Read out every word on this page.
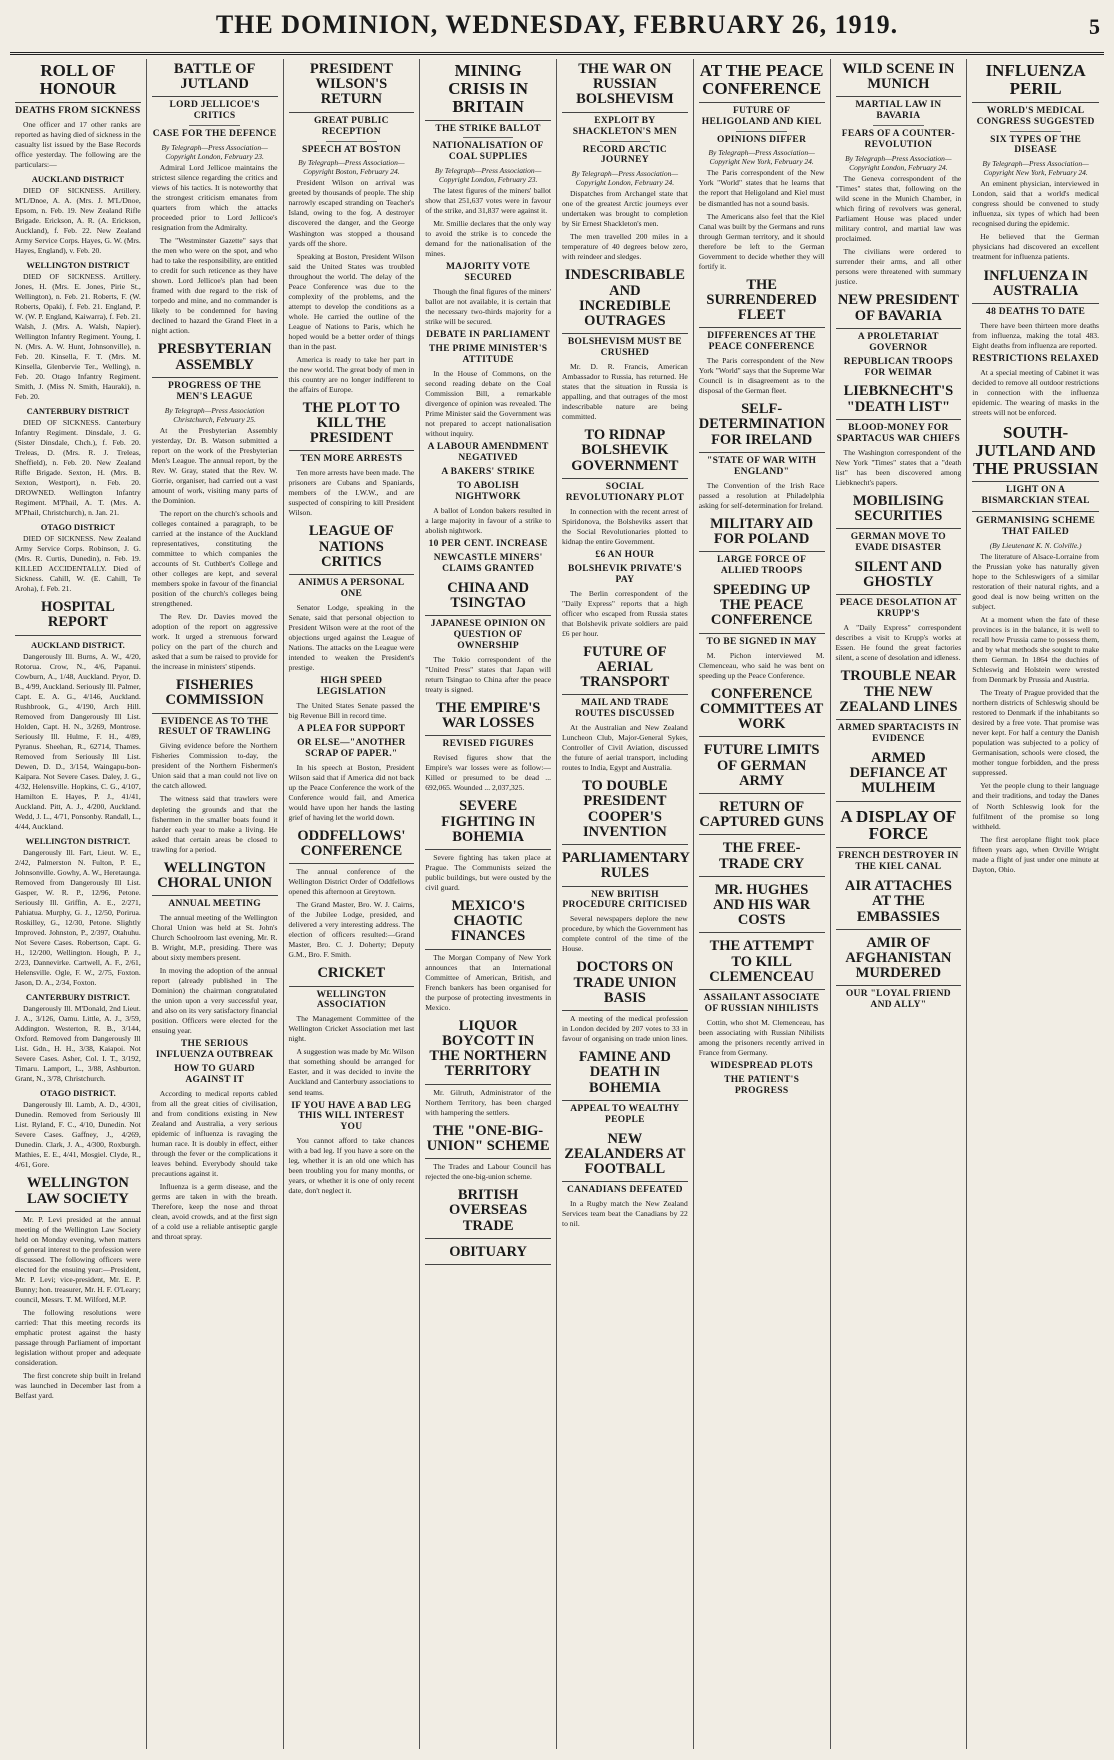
THE DOMINION, WEDNESDAY, FEBRUARY 26, 1919.	5
ROLL OF HONOUR
DEATHS FROM SICKNESS

One officer and 17 other ranks are reported as having died of sickness in the casualty list issued by the Base Records office yesterday. The following are the particulars:—

AUCKLAND DISTRICT

DIED OF SICKNESS. Artillery. M'L/Dnoe, A. A. (Mrs. J. M'L/Dnoe, Epsom, n. Feb. 19. New Zealand Rifle Brigade. Erickson, A. R. (A. Erickson, Auckland), f. Feb. 22. New Zealand Army Service Corps. Hayes, G. W. (Mrs. Hayes, England), v. Feb. 20.

WELLINGTON DISTRICT

DIED OF SICKNESS. Artillery. Jones, H. (Mrs. E. Jones, Pirie St., Wellington), n. Feb. 21. Roberts, F. (W. Roberts, Opaki), f. Feb. 21. England, P. W. (W. P. England, Kaiwarra), f. Feb. 21. Walsh, J. (Mrs. A. Walsh, Napier). Wellington Infantry Regiment. Young, I. N. (Mrs. A. W. Hunt, Johnsonville), n. Feb. 20. Kinsella, F. T. (Mrs. M. Kinsella, Glenbervie Ter., Welling), n. Feb. 20. Otago Infantry Regiment. Smith, J. (Miss N. Smith, Hauraki), n. Feb. 20.

CANTERBURY DISTRICT

DIED OF SICKNESS. Canterbury Infantry Regiment. Dinsdale, J. G. (Sister Dinsdale, Chch.), f. Feb. 20. Treleas, D. (Mrs. R. J. Treleas, Sheffield), n. Feb. 20. New Zealand Rifle Brigade. Sexton, H. (Mrs. B. Sexton, Westport), n. Feb. 20. DROWNED. Wellington Infantry Regiment. M'Phail, A. T. (Mrs. A. M'Phail, Christchurch), n. Jan. 21.

OTAGO DISTRICT

DIED OF SICKNESS. New Zealand Army Service Corps. Robinson, J. G. (Mrs. R. Curtis, Dunedin), n. Feb. 19. KILLED ACCIDENTALLY. Died of Sickness. Cahill, W. (E. Cahill, Te Aroha), f. Feb. 21.

HOSPITAL REPORT
AUCKLAND DISTRICT.

Dangerously Ill. Burns, A. W., 4/20, Rotorua. Crow, N., 4/6, Papanui. Cowburn, A., 1/48, Auckland. Pryor, D. B., 4/99, Auckland. Seriously Ill. Palmer, Capt. E. A. G., 4/146, Auckland. Rushbrook, G., 4/190, Arch Hill. Removed from Dangerously Ill List. Holden, Capt. H. N., 3/269, Montrose. Seriously Ill. Hulme, F. H., 4/89, Pyranus. Sheehan, R., 62714, Thames. Removed from Seriously Ill List. Dewen, D. D., 3/154, Waingapu-bon-Kaipara. Not Severe Cases. Daley, J. G., 4/32, Helensville. Hopkins, C. G., 4/107, Hamilton E. Hayes, P. J., 41/41, Auckland. Pitt, A. J., 4/200, Auckland. Wedd, J. L., 4/71, Ponsonby. Randall, L., 4/44, Auckland.

WELLINGTON DISTRICT.

Dangerously Ill. Fart, Lieut. W. E., 2/42, Palmerston N. Fulton, P. E., Johnsonville. Gowhy, A. W., Heretaunga. Removed from Dangerously Ill List. Gasper, W. R. P., 12/96, Petone. Seriously Ill. Griffin, A. E., 2/271, Pahiatua. Murphy, G. J., 12/50, Porirua. Roskilley, G., 12/30, Petone. Slightly Improved. Johnston, P., 2/397, Otahuhu. Not Severe Cases. Robertson, Capt. G. H., 12/200, Wellington. Hough, P. J., 2/23, Dannevirke. Cartwell, A. F., 2/61, Helensville. Ogle, F. W., 2/75, Foxton. Jason, D. A., 2/34, Foxton.

CANTERBURY DISTRICT.

Dangerously Ill. M'Donald, 2nd Lieut. J. A., 3/126, Oamu. Little, A. J., 3/59, Addington. Westerton, R. B., 3/144, Oxford. Removed from Dangerously Ill List. Gdn., H. H., 3/38, Kaiapoi. Not Severe Cases. Asher, Col. I. T., 3/192, Timaru. Lamport, L., 3/88, Ashburton. Grant, N., 3/78, Christchurch.

OTAGO DISTRICT.

Dangerously Ill. Lamb, A. D., 4/301, Dunedin. Removed from Seriously Ill List. Ryland, F. C., 4/10, Dunedin. Not Severe Cases. Gaffney, J., 4/269, Dunedin. Clark, J. A., 4/300, Roxburgh. Mathies, E. E., 4/41, Mosgiel. Clyde, R., 4/61, Gore.

WELLINGTON LAW SOCIETY

Mr. P. Levi presided at the annual meeting of the Wellington Law Society held on Monday evening, when matters of general interest to the profession were discussed. The following officers were elected for the ensuing year:—President, Mr. P. Levi; vice-president, Mr. E. P. Bunny; hon. treasurer, Mr. H. F. O'Leary; council, Messrs. T. M. Wilford, M.P.

The following resolutions were carried: That this meeting records its emphatic protest against the hasty passage through Parliament of important legislation without proper and adequate consideration.

The first concrete ship built in Ireland was launched in December last from a Belfast yard.

BATTLE OF JUTLAND
LORD JELLICOE'S CRITICS
CASE FOR THE DEFENCE
By Telegraph—Press Association—Copyright London, February 23.

Admiral Lord Jellicoe maintains the strictest silence regarding the critics and views of his tactics. It is noteworthy that the strongest criticism emanates from quarters from which the attacks proceeded prior to Lord Jellicoe's resignation from the Admiralty.

The "Westminster Gazette" says that the men who were on the spot, and who had to take the responsibility, are entitled to credit for such reticence as they have shown. Lord Jellicoe's plan had been framed with due regard to the risk of torpedo and mine, and no commander is likely to be condemned for having declined to hazard the Grand Fleet in a night action.

PRESBYTERIAN ASSEMBLY
PROGRESS OF THE MEN'S LEAGUE
By Telegraph—Press Association Christchurch, February 25.

At the Presbyterian Assembly yesterday, Dr. B. Watson submitted a report on the work of the Presbyterian Men's League. The annual report, by the Rev. W. Gray, stated that the Rev. W. Gorrie, organiser, had carried out a vast amount of work, visiting many parts of the Dominion.

The report on the church's schools and colleges contained a paragraph, to be carried at the instance of the Auckland representatives, constituting the committee to which companies the accounts of St. Cuthbert's College and other colleges are kept, and several members spoke in favour of the financial position of the church's colleges being strengthened.

The Rev. Dr. Davies moved the adoption of the report on aggressive work. It urged a strenuous forward policy on the part of the church and asked that a sum be raised to provide for the increase in ministers' stipends.

FISHERIES COMMISSION
EVIDENCE AS TO THE RESULT OF TRAWLING

Giving evidence before the Northern Fisheries Commission to-day, the president of the Northern Fishermen's Union said that a man could not live on the catch allowed.

The witness said that trawlers were depleting the grounds and that the fishermen in the smaller boats found it harder each year to make a living. He asked that certain areas be closed to trawling for a period.

WELLINGTON CHORAL UNION
ANNUAL MEETING

The annual meeting of the Wellington Choral Union was held at St. John's Church Schoolroom last evening, Mr. R. B. Wright, M.P., presiding. There was about sixty members present.

In moving the adoption of the annual report (already published in The Dominion) the chairman congratulated the union upon a very successful year, and also on its very satisfactory financial position. Officers were elected for the ensuing year.

THE SERIOUS INFLUENZA OUTBREAK
HOW TO GUARD AGAINST IT

According to medical reports cabled from all the great cities of civilisation, and from conditions existing in New Zealand and Australia, a very serious epidemic of influenza is ravaging the human race. It is doubly in effect, either through the fever or the complications it leaves behind. Everybody should take precautions against it.

Influenza is a germ disease, and the germs are taken in with the breath. Therefore, keep the nose and throat clean, avoid crowds, and at the first sign of a cold use a reliable antiseptic gargle and throat spray.

PRESIDENT WILSON'S RETURN
GREAT PUBLIC RECEPTION
SPEECH AT BOSTON
By Telegraph—Press Association—Copyright Boston, February 24.

President Wilson on arrival was greeted by thousands of people. The ship narrowly escaped stranding on Teacher's Island, owing to the fog. A destroyer discovered the danger, and the George Washington was stopped a thousand yards off the shore.

Speaking at Boston, President Wilson said the United States was troubled throughout the world. The delay of the Peace Conference was due to the complexity of the problems, and the attempt to develop the conditions as a whole. He carried the outline of the League of Nations to Paris, which he hoped would be a better order of things than in the past.

America is ready to take her part in the new world. The great body of men in this country are no longer indifferent to the affairs of Europe.

THE PLOT TO KILL THE PRESIDENT
TEN MORE ARRESTS

Ten more arrests have been made. The prisoners are Cubans and Spaniards, members of the I.W.W., and are suspected of conspiring to kill President Wilson.

LEAGUE OF NATIONS CRITICS
ANIMUS A PERSONAL ONE

Senator Lodge, speaking in the Senate, said that personal objection to President Wilson were at the root of the objections urged against the League of Nations. The attacks on the League were intended to weaken the President's prestige.

HIGH SPEED LEGISLATION

The United States Senate passed the big Revenue Bill in record time.

A PLEA FOR SUPPORT
OR ELSE—"ANOTHER SCRAP OF PAPER."

In his speech at Boston, President Wilson said that if America did not back up the Peace Conference the work of the Conference would fail, and America would have upon her hands the lasting grief of having let the world down.

ODDFELLOWS' CONFERENCE

The annual conference of the Wellington District Order of Oddfellows opened this afternoon at Greytown.

The Grand Master, Bro. W. J. Cairns, of the Jubilee Lodge, presided, and delivered a very interesting address. The election of officers resulted:—Grand Master, Bro. C. J. Doherty; Deputy G.M., Bro. F. Smith.

CRICKET
WELLINGTON ASSOCIATION

The Management Committee of the Wellington Cricket Association met last night.

A suggestion was made by Mr. Wilson that something should be arranged for Easter, and it was decided to invite the Auckland and Canterbury associations to send teams.

IF YOU HAVE A BAD LEG THIS WILL INTEREST YOU

You cannot afford to take chances with a bad leg. If you have a sore on the leg, whether it is an old one which has been troubling you for many months, or years, or whether it is one of only recent date, don't neglect it.

MINING CRISIS IN BRITAIN
THE STRIKE BALLOT
NATIONALISATION OF COAL SUPPLIES
By Telegraph—Press Association—Copyright London, February 23.

The latest figures of the miners' ballot show that 251,637 votes were in favour of the strike, and 31,837 were against it.

Mr. Smillie declares that the only way to avoid the strike is to concede the demand for the nationalisation of the mines.

MAJORITY VOTE SECURED

Though the final figures of the miners' ballot are not available, it is certain that the necessary two-thirds majority for a strike will be secured.

DEBATE IN PARLIAMENT
THE PRIME MINISTER'S ATTITUDE

In the House of Commons, on the second reading debate on the Coal Commission Bill, a remarkable divergence of opinion was revealed. The Prime Minister said the Government was not prepared to accept nationalisation without inquiry.

A LABOUR AMENDMENT NEGATIVED
A BAKERS' STRIKE
TO ABOLISH NIGHTWORK

A ballot of London bakers resulted in a large majority in favour of a strike to abolish nightwork.

10 PER CENT. INCREASE
NEWCASTLE MINERS' CLAIMS GRANTED
CHINA AND TSINGTAO
JAPANESE OPINION ON QUESTION OF OWNERSHIP

The Tokio correspondent of the "United Press" states that Japan will return Tsingtao to China after the peace treaty is signed.

THE EMPIRE'S WAR LOSSES
REVISED FIGURES

Revised figures show that the Empire's war losses were as follow:— Killed or presumed to be dead ... 692,065. Wounded ... 2,037,325.

SEVERE FIGHTING IN BOHEMIA

Severe fighting has taken place at Prague. The Communists seized the public buildings, but were ousted by the civil guard.

MEXICO'S CHAOTIC FINANCES

The Morgan Company of New York announces that an International Committee of American, British, and French bankers has been organised for the purpose of protecting investments in Mexico.

LIQUOR BOYCOTT IN THE NORTHERN TERRITORY

Mr. Gilruth, Administrator of the Northern Territory, has been charged with hampering the settlers.

THE "ONE-BIG-UNION" SCHEME

The Trades and Labour Council has rejected the one-big-union scheme.

BRITISH OVERSEAS TRADE
OBITUARY
THE WAR ON RUSSIAN BOLSHEVISM
EXPLOIT BY SHACKLETON'S MEN
RECORD ARCTIC JOURNEY
By Telegraph—Press Association—Copyright London, February 24.

Dispatches from Archangel state that one of the greatest Arctic journeys ever undertaken was brought to completion by Sir Ernest Shackleton's men.

The men travelled 200 miles in a temperature of 40 degrees below zero, with reindeer and sledges.

INDESCRIBABLE AND INCREDIBLE OUTRAGES
BOLSHEVISM MUST BE CRUSHED

Mr. D. R. Francis, American Ambassador to Russia, has returned. He states that the situation in Russia is appalling, and that outrages of the most indescribable nature are being committed.

TO RIDNAP BOLSHEVIK GOVERNMENT
SOCIAL REVOLUTIONARY PLOT

In connection with the recent arrest of Spiridonova, the Bolsheviks assert that the Social Revolutionaries plotted to kidnap the entire Government.

£6 AN HOUR
BOLSHEVIK PRIVATE'S PAY

The Berlin correspondent of the "Daily Express" reports that a high officer who escaped from Russia states that Bolshevik private soldiers are paid £6 per hour.

FUTURE OF AERIAL TRANSPORT
MAIL AND TRADE ROUTES DISCUSSED

At the Australian and New Zealand Luncheon Club, Major-General Sykes, Controller of Civil Aviation, discussed the future of aerial transport, including routes to India, Egypt and Australia.

TO DOUBLE PRESIDENT COOPER'S INVENTION
PARLIAMENTARY RULES
NEW BRITISH PROCEDURE CRITICISED

Several newspapers deplore the new procedure, by which the Government has complete control of the time of the House.

DOCTORS ON TRADE UNION BASIS

A meeting of the medical profession in London decided by 207 votes to 33 in favour of organising on trade union lines.

FAMINE AND DEATH IN BOHEMIA
APPEAL TO WEALTHY PEOPLE
NEW ZEALANDERS AT FOOTBALL
CANADIANS DEFEATED

In a Rugby match the New Zealand Services team beat the Canadians by 22 to nil.

AT THE PEACE CONFERENCE
FUTURE OF HELIGOLAND AND KIEL
OPINIONS DIFFER
By Telegraph—Press Association—Copyright New York, February 24.

The Paris correspondent of the New York "World" states that he learns that the report that Heligoland and Kiel must be dismantled has not a sound basis.

The Americans also feel that the Kiel Canal was built by the Germans and runs through German territory, and it should therefore be left to the German Government to decide whether they will fortify it.

THE SURRENDERED FLEET
DIFFERENCES AT THE PEACE CONFERENCE

The Paris correspondent of the New York "World" says that the Supreme War Council is in disagreement as to the disposal of the German fleet.

SELF-DETERMINATION FOR IRELAND
"STATE OF WAR WITH ENGLAND"

The Convention of the Irish Race passed a resolution at Philadelphia asking for self-determination for Ireland.

MILITARY AID FOR POLAND
LARGE FORCE OF ALLIED TROOPS
SPEEDING UP THE PEACE CONFERENCE
TO BE SIGNED IN MAY

M. Pichon interviewed M. Clemenceau, who said he was bent on speeding up the Peace Conference.

CONFERENCE COMMITTEES AT WORK
FUTURE LIMITS OF GERMAN ARMY
RETURN OF CAPTURED GUNS
THE FREE-TRADE CRY
MR. HUGHES AND HIS WAR COSTS
THE ATTEMPT TO KILL CLEMENCEAU
ASSAILANT ASSOCIATE OF RUSSIAN NIHILISTS

Cottin, who shot M. Clemenceau, has been associating with Russian Nihilists among the prisoners recently arrived in France from Germany.

WIDESPREAD PLOTS
THE PATIENT'S PROGRESS
WILD SCENE IN MUNICH
MARTIAL LAW IN BAVARIA
FEARS OF A COUNTER-REVOLUTION
By Telegraph—Press Association—Copyright London, February 24.

The Geneva correspondent of the "Times" states that, following on the wild scene in the Munich Chamber, in which firing of revolvers was general, Parliament House was placed under military control, and martial law was proclaimed.

The civilians were ordered to surrender their arms, and all other persons were threatened with summary justice.

NEW PRESIDENT OF BAVARIA
A PROLETARIAT GOVERNOR
REPUBLICAN TROOPS FOR WEIMAR
LIEBKNECHT'S "DEATH LIST"
BLOOD-MONEY FOR SPARTACUS WAR CHIEFS

The Washington correspondent of the New York "Times" states that a "death list" has been discovered among Liebknecht's papers.

MOBILISING SECURITIES
GERMAN MOVE TO EVADE DISASTER
SILENT AND GHOSTLY
PEACE DESOLATION AT KRUPP'S

A "Daily Express" correspondent describes a visit to Krupp's works at Essen. He found the great factories silent, a scene of desolation and idleness.

TROUBLE NEAR THE NEW ZEALAND LINES
ARMED SPARTACISTS IN EVIDENCE
ARMED DEFIANCE AT MULHEIM
A DISPLAY OF FORCE
FRENCH DESTROYER IN THE KIEL CANAL
AIR ATTACHES AT THE EMBASSIES
AMIR OF AFGHANISTAN MURDERED
OUR "LOYAL FRIEND AND ALLY"
INFLUENZA PERIL
WORLD'S MEDICAL CONGRESS SUGGESTED
SIX TYPES OF THE DISEASE
By Telegraph—Press Association—Copyright New York, February 24.

An eminent physician, interviewed in London, said that a world's medical congress should be convened to study influenza, six types of which had been recognised during the epidemic.

He believed that the German physicians had discovered an excellent treatment for influenza patients.

INFLUENZA IN AUSTRALIA
48 DEATHS TO DATE

There have been thirteen more deaths from influenza, making the total 483. Eight deaths from influenza are reported.

RESTRICTIONS RELAXED

At a special meeting of Cabinet it was decided to remove all outdoor restrictions in connection with the influenza epidemic. The wearing of masks in the streets will not be enforced.

SOUTH-JUTLAND AND THE PRUSSIAN
LIGHT ON A BISMARCKIAN STEAL
GERMANISING SCHEME THAT FAILED
(By Lieutenant K. N. Colville.)

The literature of Alsace-Lorraine from the Prussian yoke has naturally given hope to the Schleswigers of a similar restoration of their natural rights, and a good deal is now being written on the subject.

At a moment when the fate of these provinces is in the balance, it is well to recall how Prussia came to possess them, and by what methods she sought to make them German. In 1864 the duchies of Schleswig and Holstein were wrested from Denmark by Prussia and Austria.

The Treaty of Prague provided that the northern districts of Schleswig should be restored to Denmark if the inhabitants so desired by a free vote. That promise was never kept. For half a century the Danish population was subjected to a policy of Germanisation, schools were closed, the mother tongue forbidden, and the press suppressed.

Yet the people clung to their language and their traditions, and today the Danes of North Schleswig look for the fulfilment of the promise so long withheld.

The first aeroplane flight took place fifteen years ago, when Orville Wright made a flight of just under one minute at Dayton, Ohio.
